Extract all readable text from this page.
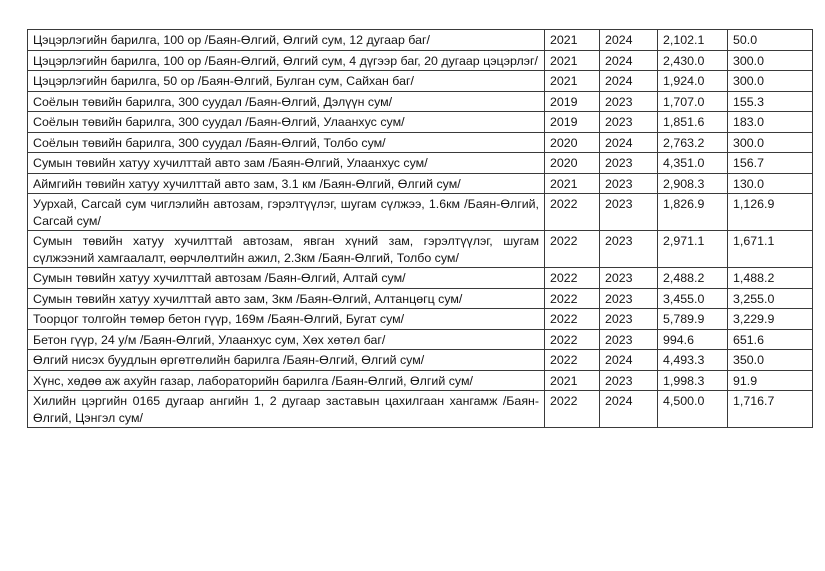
Цэцэрлэгийн барилга, 100 ор /Баян-Өлгий, Өлгий сум, 12 дугаар баг/	2021	2024	2,102.1	50.0
Цэцэрлэгийн барилга, 100 ор /Баян-Өлгий, Өлгий сум, 4 дүгээр баг, 20 дугаар цэцэрлэг/	2021	2024	2,430.0	300.0
Цэцэрлэгийн барилга, 50 ор /Баян-Өлгий, Булган сум, Сайхан баг/	2021	2024	1,924.0	300.0
Соёлын төвийн барилга, 300 суудал /Баян-Өлгий, Дэлүүн сум/	2019	2023	1,707.0	155.3
Соёлын төвийн барилга, 300 суудал /Баян-Өлгий, Улаанхус сум/	2019	2023	1,851.6	183.0
Соёлын төвийн барилга, 300 суудал /Баян-Өлгий, Толбо сум/	2020	2024	2,763.2	300.0
Сумын төвийн хатуу хучилттай авто зам /Баян-Өлгий, Улаанхус сум/	2020	2023	4,351.0	156.7
Аймгийн төвийн хатуу хучилттай авто зам, 3.1 км /Баян-Өлгий, Өлгий сум/	2021	2023	2,908.3	130.0
Уурхай, Сагсай сум чиглэлийн автозам, гэрэлтүүлэг, шугам сүлжээ, 1.6км /Баян-Өлгий, Сагсай сум/	2022	2023	1,826.9	1,126.9
Сумын төвийн хатуу хучилттай автозам, явган хүний зам, гэрэлтүүлэг, шугам сүлжээний хамгаалалт, өөрчлөлтийн ажил, 2.3км /Баян-Өлгий, Толбо сум/	2022	2023	2,971.1	1,671.1
Сумын төвийн хатуу хучилттай автозам /Баян-Өлгий, Алтай сум/	2022	2023	2,488.2	1,488.2
Сумын төвийн хатуу хучилттай авто зам, 3км /Баян-Өлгий, Алтанцөгц сум/	2022	2023	3,455.0	3,255.0
Тоорцог толгойн төмөр бетон гүүр, 169м /Баян-Өлгий, Бугат сум/	2022	2023	5,789.9	3,229.9
Бетон гүүр, 24 у/м /Баян-Өлгий, Улаанхус сум, Хөх хөтөл баг/	2022	2023	994.6	651.6
Өлгий нисэх буудлын өргөтгөлийн барилга /Баян-Өлгий, Өлгий сум/	2022	2024	4,493.3	350.0
Хүнс, хөдөө аж ахуйн газар, лабораторийн барилга /Баян-Өлгий, Өлгий сум/	2021	2023	1,998.3	91.9
Хилийн цэргийн 0165 дугаар ангийн 1, 2 дугаар заставын цахилгаан хангамж /Баян-Өлгий, Цэнгэл сум/	2022	2024	4,500.0	1,716.7
